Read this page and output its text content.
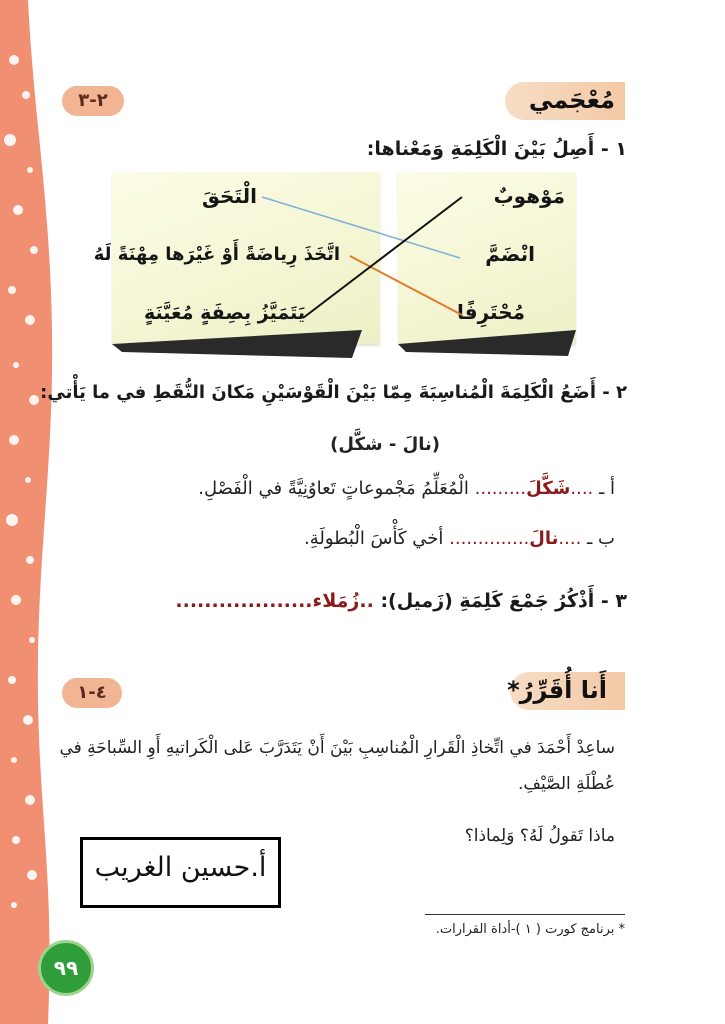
مُعْجَمي
٢-٣
١ - أَصِلُ بَيْنَ الْكَلِمَةِ وَمَعْناها:
مَوْهوبٌ
انْضَمَّ
مُحْتَرِفًا
الْتَحَقَ
اتَّخَذَ رِياضَةً أَوْ غَيْرَها مِهْنَةً لَهُ
يَتَمَيَّزُ بِصِفَةٍ مُعَيَّنَةٍ
٢ - أَضَعُ الْكَلِمَةَ الْمُناسِبَةَ مِمّا بَيْنَ الْقَوْسَيْنِ مَكانَ النُّقَطِ في ما يَأْتي:
(نالَ - شكَّل)
أ ـ ....شَكَّلَ......... الْمُعَلِّمُ مَجْموعاتٍ تَعاوُنِيَّةً في الْفَصْلِ.
ب ـ ....نالَ.............. أخي كَأْسَ الْبُطولَةِ.
٣ - أَذْكُرُ جَمْعَ كَلِمَةِ (زَميل): ..زُمَلاء...................
أَنا أُقَرِّرُ*
٤-١
ساعِدْ أَحْمَدَ في اتِّخاذِ الْقَرارِ الْمُناسِبِ بَيْنَ أَنْ يَتَدَرَّبَ عَلى الْكَراتيهِ أَوِ السِّباحَةِ في
عُطْلَةِ الصَّيْفِ.
ماذا تَقولُ لَهُ؟ وَلِماذا؟
أ.حسين الغريب
* برنامج كورت ( ١ )-أداة القرارات.
٩٩
